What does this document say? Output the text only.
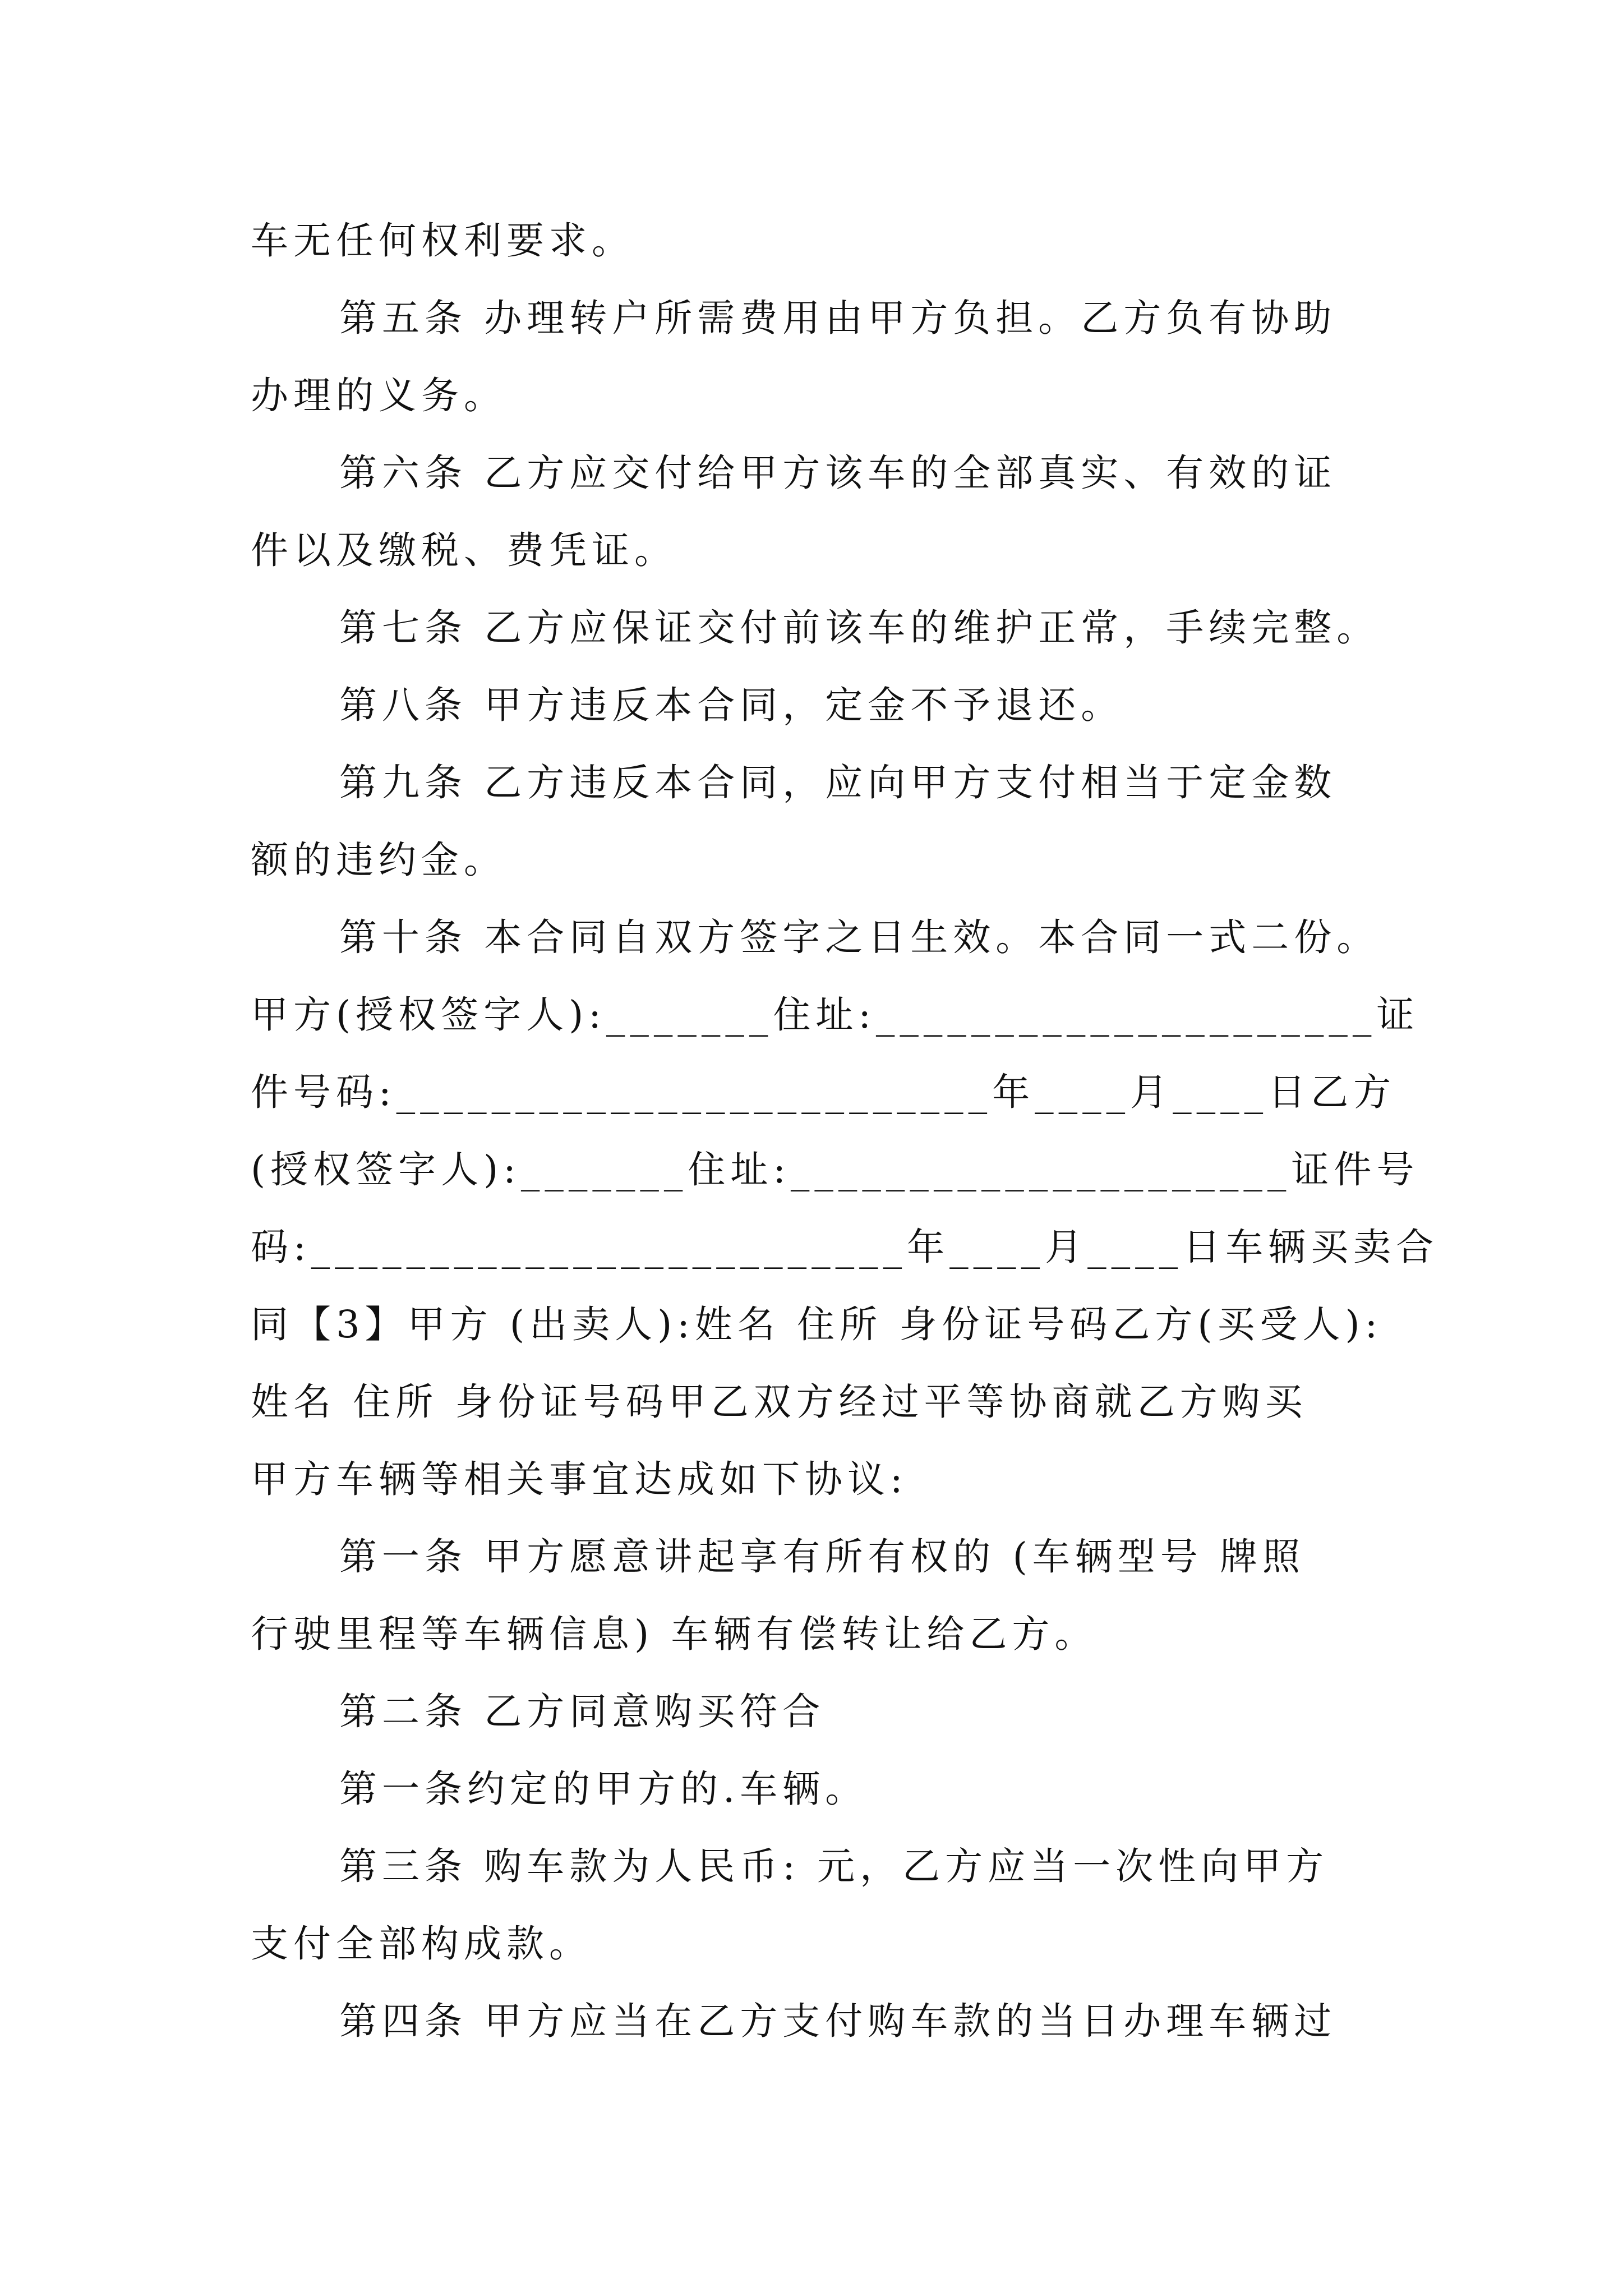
车无任何权利要求。

第五条 办理转户所需费用由甲方负担。乙方负有协助

办理的义务。

第六条 乙方应交付给甲方该车的全部真实、有效的证

件以及缴税、费凭证。

第七条 乙方应保证交付前该车的维护正常，手续完整。

第八条 甲方违反本合同，定金不予退还。

第九条 乙方违反本合同，应向甲方支付相当于定金数

额的违约金。

第十条 本合同自双方签字之日生效。本合同一式二份。

甲方(授权签字人):_______住址:_____________________证

件号码:_________________________年____月____日乙方

(授权签字人):_______住址:_____________________证件号

码:_________________________年____月____日车辆买卖合

同【3】甲方 (出卖人):姓名 住所 身份证号码乙方(买受人):

姓名 住所 身份证号码甲乙双方经过平等协商就乙方购买

甲方车辆等相关事宜达成如下协议:

第一条 甲方愿意讲起享有所有权的 (车辆型号 牌照

行驶里程等车辆信息) 车辆有偿转让给乙方。

第二条 乙方同意购买符合

第一条约定的甲方的.车辆。

第三条 购车款为人民币: 元，乙方应当一次性向甲方

支付全部构成款。

第四条 甲方应当在乙方支付购车款的当日办理车辆过
